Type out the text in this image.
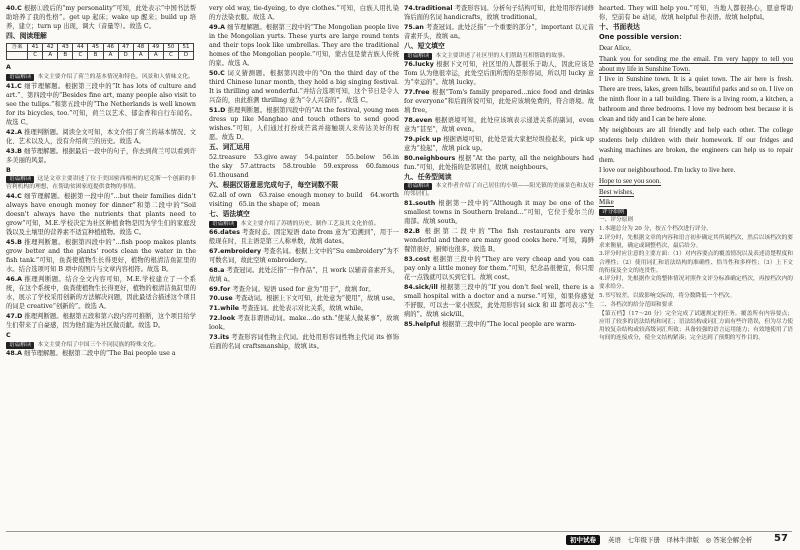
40.C 根据①段后的“my personality”可知，此处表示“中国书法帮助培养了我的性格”。get up 起床；wake up 醒来；build up 培养，建立；turn up 出现，调大（音量等）。故选 C。

四、阅读理解

答案	41	42	43	44	45	46	47	48	49	50	51
	C	A	B	C	B	A	D	A	A	C	D

A

语篇解读 本文主要介绍了荷兰的基本情况和特色，风景和人情味文化。

41.C 细节理解题。根据第三段中的“It has lots of culture and art.”、第四段中的“Besides fine art, many people also visit to see the tulips.”和第五段中的“The Netherlands is well known for its bicycles, too.”可知，荷兰以艺术、郁金香和自行车闻名。故选 C。

42.A 推理判断题。阅读全文可知，本文介绍了荷兰的基本情况、文化、艺术以及人，没有介绍荷兰的历史。故选 A。

43.B 细节理解题。根据最后一段中的句子，你去到荷兰可以看到许多美丽的风景。

B

语篇解读 这是文章主要讲述了位于美国密西根州的尼克斯一个创新的非营利机构的理想，在帮助贫困家庭提供食物的事情。

44.C 细节理解题。根据第一段中的“...but their families didn't always have enough money for dinner”和第二段中的“Soil doesn't always have the nutrients that plants need to grow”可知，M.E.学校决定为社区种植食物是因为学生们的家庭没钱以及土壤里的营养素不适宜种植植物。故选 C。

45.B 推理判断题。根据第四段中的“...fish poop makes plants grow better and the plants' roots clean the water in the fish tank.”可知，鱼粪使植物生长得更好，植物的根清洁鱼缸里的水。结合选项可知 B 项中的图片与文章内容相符。故选 B。

46.A 推理判断题。结合全文内容可知，M.E.学校建立了一个系统，在这个系统中，鱼粪使植物生长得更好，植物的根清洁鱼缸里的水，展示了学校采用创新的方法解决问题，因此最适合描述这个项目的词是 creative“创新的”。故选 A。

47.D 推理判断题。根据第五段和第六段内容可推断，这个项目给学生们带来了自豪感，因为他们能为社区做贡献。故选 D。

C

语篇解读 本文主要介绍了中国三个不同民族的特殊文化。

48.A 细节理解题。根据第二段中的“The Bai people use a

very old way, tie-dyeing, to dye clothes.”可知，白族人用扎染的方法染衣服。故选 A。

49.A 细节理解题。根据第三段中的“The Mongolian people live in the Mongolian yurts. These yurts are large round tents and their tops look like umbrellas. They are the traditional homes of the Mongolian people.”可知，蒙古包是蒙古族人传统的家。故选 A。

50.C 词义猜测题。根据第四段中的“On the third day of the third Chinese lunar month, they hold a big singing festival. It is thrilling and wonderful.”并结合选项可知，这个节日是令人兴奋的，由此推测 thrilling 意为“令人兴奋的”。故选 C。

51.D 推理判断题。根据第四段中的“At the festival, young men dress up like Manghao and touch others to send good wishes.”可知，人们通过打扮成芒蒿并接触别人来传达美好的祝愿。故选 D。

五、词汇运用

52.treasure　53.give away　54.painter　55.below　56.in the sky　57.attracts　58.trouble　59.express　60.famous　61.thousand

六、根据汉语意思完成句子，每空词数不限

62.all of own　63.raise enough money to build　64.worth visiting　65.in the shape of；mean

七、语法填空

语篇解读 本文主要介绍了苏绣的历史、制作工艺及其文化价值。

66.dates 考查时态。固定短语 date from 意为“追溯到”，用于一般现在时，且主语是第三人称单数，故填 dates。

67.embroidery 考查名词。根据上文中的“Su embroidery”为不可数名词，故此空填 embroidery。

68.a 考查冠词。此处泛指“一件作品”，且 work 以辅音音素开头，故填 a。

69.for 考查介词。短语 used for 意为“用于”，故填 for。

70.use 考查动词。根据上下文可知，此处意为“使用”，故填 use。

71.while 考查连词。此处表示对比关系，故填 while。

72.look 考查非谓语动词。make...do sth.“使某人做某事”，故填 look。

73.its 考查形容词性物主代词。此处用形容词性物主代词 its 修饰后面的名词 craftsmanship，故填 its。

74.traditional 考查形容词。分析句子结构可知，此处用形容词修饰后面的名词 handicrafts，故填 traditional。

75.an 考查冠词。此处泛指“一个重要的部分”，important 以元音音素开头，故填 an。

八、短文填空

语篇解读 本文主要讲述了社区里的人们帮助互相帮助的故事。

76.lucky 根据下文可知，社区里的人都很乐于助人，因此应该是 Tom 认为他很幸运，此处空后面所需的是形容词，所以用 lucky 意为“幸运的”。故填 lucky。

77.free 根据“Tom's family prepared...nice food and drinks for everyone”和后面所说可知，此处应该填免费的，符合语境。故填 free。

78.even 根据语境可知，此处应该填表示递进关系的副词，even 意为“甚至”，故填 even。

79.pick up 根据语境可知，此处是说大家把垃圾捡起来，pick up 意为“捡起”，故填 pick up。

80.neighbours 根据“At the party, all the neighbours had fun.”可知，此处指的是邻居们，故填 neighbours。

九、任务型阅读

语篇解读 本文作者介绍了自己居住的小镇——阳光镇的美丽景色和友好的邻居们。

81.south 根据第一段中的“Although it may be one of the smallest towns in Southern Ireland...”可知，它位于爱尔兰的南部。故填 south。

82.B 根据第二段中的“The fish restaurants are very wonderful and there are many good cooks here.”可知，海鲜餐馆很好，厨师也很多。故选 B。

83.cost 根据第三段中的“They are very cheap and you can pay only a little money for them.”可知，纪念品很便宜，你只需花一点钱就可以买到它们。故填 cost。

84.sick/ill 根据第三段中的“If you don't feel well, there is a small hospital with a doctor and a nurse.”可知，如果你感觉不舒服，可以去一家小医院，此处用形容词 sick 和 ill 都可表示“生病的”。故填 sick/ill。

85.helpful 根据第三段中的“The local people are warm-

hearted. They will help you.”可知，当地人都很热心，愿意帮助你，空前有 be 动词，故填 helpful 作表语。故填 helpful。

十、书面表达

One possible version：

Dear Alice,

Thank you for sending me the email. I'm very happy to tell you about my life in Sunshine Town.

I live in Sunshine town. It is a quiet town. The air here is fresh. There are trees, lakes, green hills, beautiful parks and so on. I live on the ninth floor in a tall building. There is a living room, a kitchen, a bathroom and three bedrooms. I love my bedroom best because it is clean and tidy and I can be here alone.

My neighbours are all friendly and help each other. The college students help children with their homework. If our fridges and washing machines are broken, the engineers can help us to repair them.

I love our neighbourhood. I'm lucky to live here.

Hope to see you soon.

Best wishes,

Mike

评分细则

一、评分原则

1.本题总分为 20 分，按五个档次进行评分。

2.评分时，先根据文章的内容和语言初步确定其所属档次，然后以该档次的要求来衡量，确定或调整档次，最后给分。

3.评分时应注意的主要方面：（1）对内容要点的覆盖情况以及表述清楚程度和合理性；（2）使用词汇和语法结构的准确性、恰当性和多样性；（3）上下文的衔接及全文的连贯性。

4.评分时，先根据作文的整体情况对照作文评分标准确定档次，再按档次内的要求给分。

5.书写较差，以致影响交际的，将分数降低一个档次。

二、各档次的给分范围和要求

【第五档】（17～20 分）完全完成了试题规定的任务。覆盖所有内容要点；应用了较多的语法结构和词汇；语法结构或词汇方面有些许错误，但为尽力使用较复杂结构或较高级词汇所致；具备较强的语言运用能力；有效地使用了语句间的连接成分，使全文结构紧凑；完全达到了预期的写作目的。

初中试卷	英语　七年级下册　译林牛津版　◎ 答案全解全析 57
